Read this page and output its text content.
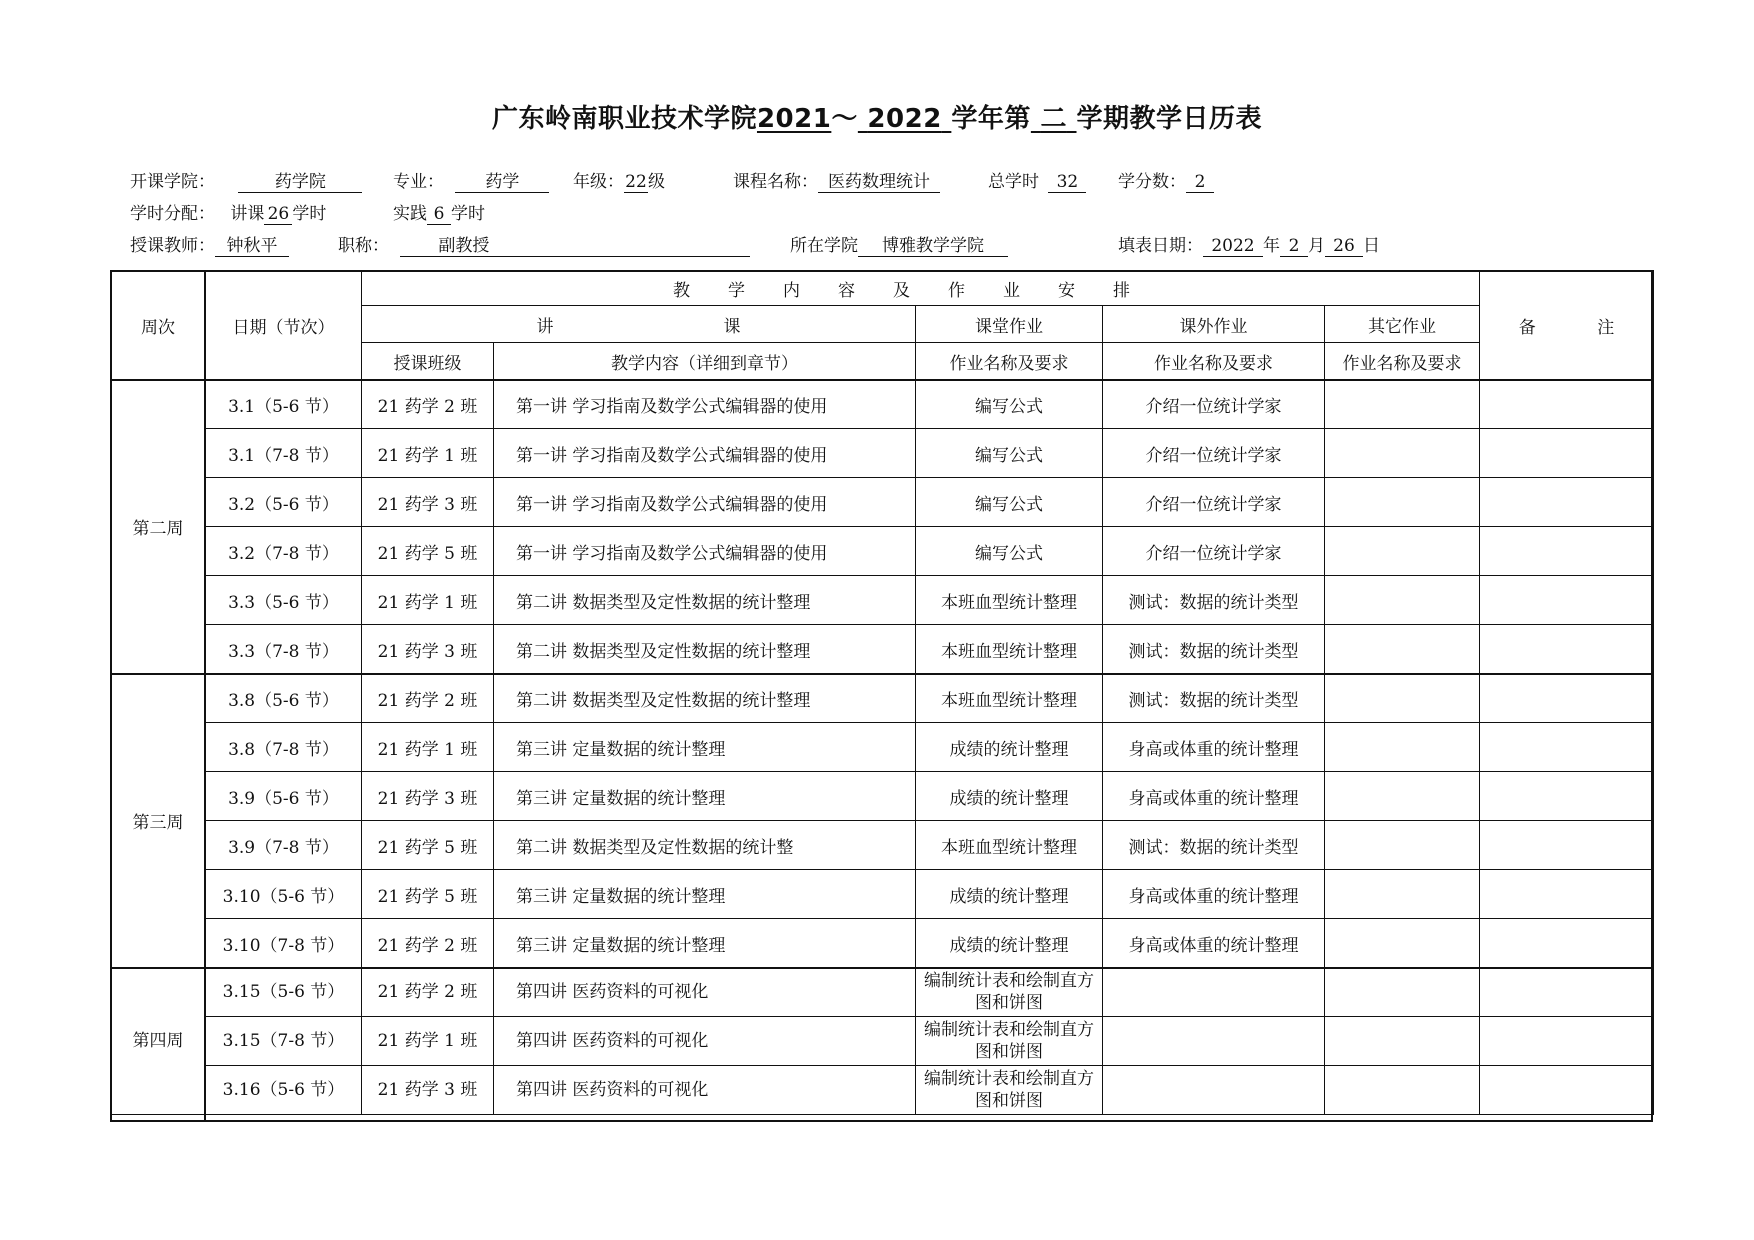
广东岭南职业技术学院2021～ 2022 学年第 二 学期教学日历表
开课学院：	药学院	专业： 药学	年级：22级	课程名称： 医药数理统计	总学时 32	学分数： 2
学时分配： 讲课 26 学时	实践 6 学时
授课教师： 钟秋平	职称：	副教授	所在学院 博雅教学学院	填表日期： 2022 年 2 月 26 日
周次	日期（节次）	教学内容及作业安排					备 注
		讲 课		课堂作业	课外作业	其它作业	
		授课班级	教学内容（详细到章节）	作业名称及要求	作业名称及要求	作业名称及要求	
第二周	3.1（5-6 节）	21 药学 2 班	第一讲 学习指南及数学公式编辑器的使用	编写公式	介绍一位统计学家		
	3.1（7-8 节）	21 药学 1 班	第一讲 学习指南及数学公式编辑器的使用	编写公式	介绍一位统计学家		
	3.2（5-6 节）	21 药学 3 班	第一讲 学习指南及数学公式编辑器的使用	编写公式	介绍一位统计学家		
	3.2（7-8 节）	21 药学 5 班	第一讲 学习指南及数学公式编辑器的使用	编写公式	介绍一位统计学家		
	3.3（5-6 节）	21 药学 1 班	第二讲 数据类型及定性数据的统计整理	本班血型统计整理	测试：数据的统计类型		
	3.3（7-8 节）	21 药学 3 班	第二讲 数据类型及定性数据的统计整理	本班血型统计整理	测试：数据的统计类型		
第三周	3.8（5-6 节）	21 药学 2 班	第二讲 数据类型及定性数据的统计整理	本班血型统计整理	测试：数据的统计类型		
	3.8（7-8 节）	21 药学 1 班	第三讲 定量数据的统计整理	成绩的统计整理	身高或体重的统计整理		
	3.9（5-6 节）	21 药学 3 班	第三讲 定量数据的统计整理	成绩的统计整理	身高或体重的统计整理		
	3.9（7-8 节）	21 药学 5 班	第二讲 数据类型及定性数据的统计整	本班血型统计整理	测试：数据的统计类型		
	3.10（5-6 节）	21 药学 5 班	第三讲 定量数据的统计整理	成绩的统计整理	身高或体重的统计整理		
	3.10（7-8 节）	21 药学 2 班	第三讲 定量数据的统计整理	成绩的统计整理	身高或体重的统计整理		
第四周	3.15（5-6 节）	21 药学 2 班	第四讲 医药资料的可视化	编制统计表和绘制直方图和饼图			
	3.15（7-8 节）	21 药学 1 班	第四讲 医药资料的可视化	编制统计表和绘制直方图和饼图			
	3.16（5-6 节）	21 药学 3 班	第四讲 医药资料的可视化	编制统计表和绘制直方图和饼图			
